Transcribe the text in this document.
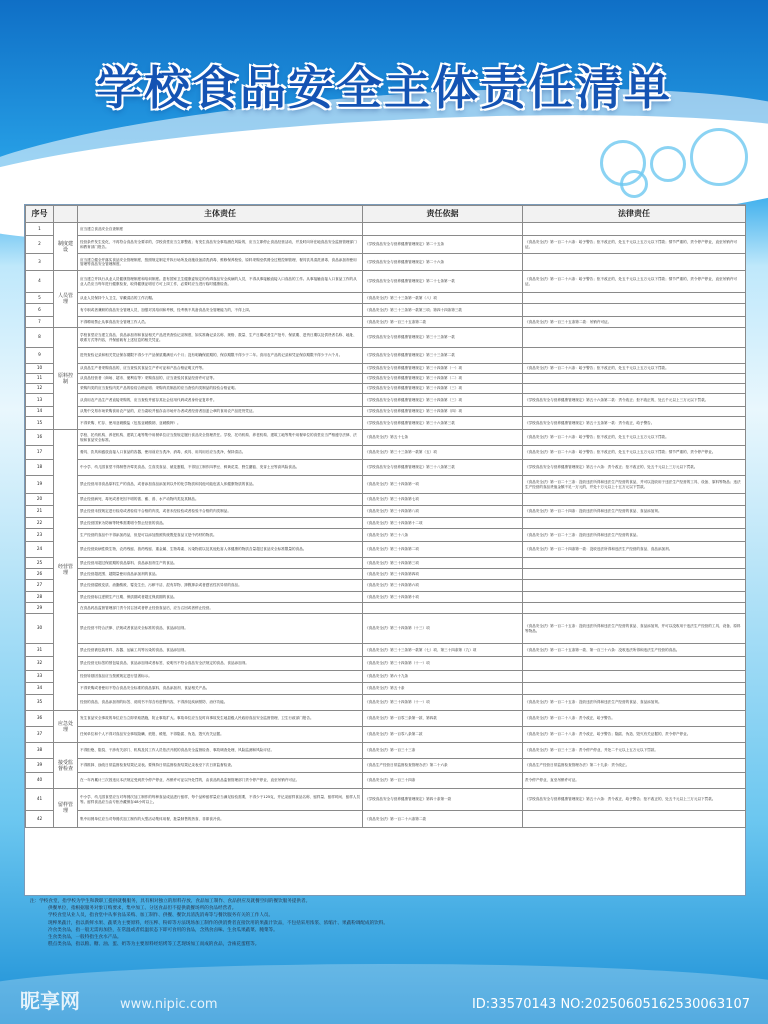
学校食品安全主体责任清单
序号		主体责任	责任依据	法律责任
1	制度建设	应当建立食品安全自查制度		
2		经营条件发生变化，不再符合食品安全要求的，学校食堂应当立即整改；有发生食品安全事故潜在风险的，应当立即停止食品经营活动，并及时向所在地食品安全监督管理部门和教育部门报告。	《学校食品安全与营养健康管理规定》第二十五条	《食品安全法》第一百二十六条：给予警告；拒不改正的，处五千元以上五万元以下罚款；情节严重的，责令停产停业，直至吊销许可证。
3		应当建立健全并落实食品安全管理制度，按照规定制定并执行场所及设施设备清洗消毒、维修保养校验、原料采购至供餐全过程控制管理、餐具饮具清洗消毒、食品添加剂使用管理等食品安全管理制度。	《学校食品安全与营养健康管理规定》第二十六条	
4	人员管理	应当建立并执行从业人员健康管理制度和培训制度。患有国家卫生健康委规定的有碍食品安全疾病的人员，不得从事接触直接入口食品的工作。从事接触直接入口食品工作的从业人员应当每年进行健康检查，取得健康证明后方可上岗工作，必要时应当进行临时健康检查。	《学校食品安全与营养健康管理规定》第二十七条第一款	《食品安全法》第一百二十六条：给予警告；拒不改正的，处五千元以上五万元以下罚款；情节严重的，责令停产停业，直至吊销许可证。
5		从业人员保持个人卫生，穿戴清洁的工作衣帽。	《食品安全法》第三十三条第一款第（八）项	
6		有专职或者兼职的食品安全管理人员，加强对其培训和考核，经考核不具备食品安全管理能力的，不得上岗。	《食品安全法》第三十三条第一款第三项；第四十四条第三款	
7		不得聘用禁止从事食品安全管理工作人员。	《食品安全法》第一百三十五条第二款	《食品安全法》第一百三十五条第二款：吊销许可证。
8	原料控制	学校食堂应当建立食品、食品添加剂和食品相关产品进货查验记录制度，如实准确记录名称、规格、数量、生产日期或者生产批号、保质期、进货日期以及供货者名称、地址、联系方式等内容，并保留载有上述信息的相关凭证。	《学校食品安全与营养健康管理规定》第三十三条第一款	
9		进货查验记录和相关凭证保存期限不得少于产品保质期满后六个月；没有明确保质期的，保存期限不得少于二年。食用农产品的记录和凭证保存期限不得少于六个月。	《学校食品安全与营养健康管理规定》第三十三条第二款	
10		从食品生产者采购食品的，应当查验其食品生产许可证和产品合格证明文件等。	《学校食品安全与营养健康管理规定》第三十四条第（一）项	《食品安全法》第一百二十六条：给予警告；拒不改正的，处五千元以上五万元以下罚款。
11		从食品经营者（商场、超市、便利店等）采购食品的，应当查验其食品经营许可证等。	《学校食品安全与营养健康管理规定》第三十四条第（二）项	
12		采购肉类的应当查验肉类产品的检疫合格证明；采购肉类制品的应当查验肉类制品的检验合格证明。	《学校食品安全与营养健康管理规定》第三十四条第（三）项	
13		从食用农产品生产者直接采购的，应当查验并留存其社会信用代码或者身份证复印件。	《学校食品安全与营养健康管理规定》第三十四条第（三）项	《学校食品安全与营养健康管理规定》第五十六条第二款：责令改正；拒不改正的，处五千元以上三万元以下罚款。
14		从集中交易市场采购食用农产品的，应当索取并留存由市场开办者或者经营者加盖公章的食用农产品进货凭证。	《学校食品安全与营养健康管理规定》第三十四条第（四）项	
15		不得采购、贮存、使用亚硝酸盐（包括亚硝酸钠、亚硝酸钾）。	《学校食品安全与营养健康管理规定》第三十六条第三款	《学校食品安全与营养健康管理规定》第五十五条第一款：责令改正，给予警告。
16	经营管理	学校、托幼机构、养老机构、建筑工地等集中用餐单位应当按规定履行食品安全管理责任。学校、托幼机构、养老机构、建筑工地等集中用餐单位的食堂应当严格遵守法律、法规和食品安全标准。	《食品安全法》第五十七条	《食品安全法》第一百二十六条：给予警告；拒不改正的，处五千元以上五万元以下罚款。
17		餐具、饮具和盛放直接入口食品的容器，使用前应当洗净、消毒，炊具、用具用后应当洗净，保持清洁。	《食品安全法》第三十三条第一款第（五）项	《食品安全法》第一百二十六条：给予警告；拒不改正的，处五千元以上五万元以下罚款；情节严重的，责令停产停业。
18		中小学、幼儿园食堂不得制售冷荤类食品、生食类食品、裱花蛋糕，不得加工制作四季豆、鲜黄花菜、野生蘑菇、发芽土豆等高风险食品。	《学校食品安全与营养健康管理规定》第三十八条第三款	《学校食品安全与营养健康管理规定》第五十六条：责令改正；拒不改正的，处五千元以上三万元以下罚款。
19		禁止经营用非食品原料生产的食品，或者添加食品添加剂以外的化学物质和其他可能危害人体健康物质的食品。	《食品安全法》第三十四条第一项	《食品安全法》第一百二十三条：没收违法所得和违法生产经营的食品，并可以没收用于违法生产经营的工具、设备、原料等物品；违法生产经营的食品货值金额不足一万元的，并处十万元以上十五万元以下罚款。
20		禁止经营病死、毒死或者死因不明的禽、畜、兽、水产动物肉类及其制品。	《食品安全法》第三十四条第七项	
21		禁止经营未按规定进行检疫或者检疫不合格的肉类，或者未经检验或者检验不合格的肉类制品。	《食品安全法》第三十四条第八项	《食品安全法》第一百二十四条：没收违法所得和违法生产经营的食品、食品添加剂。
22		禁止经营国家为防病等特殊需要明令禁止经营的食品。	《食品安全法》第三十四条第十二项	
23		生产经营的食品中不得添加药品，但是可以添加按照传统既是食品又是中药材的物质。	《食品安全法》第三十八条	《食品安全法》第一百二十三条：没收违法所得和违法生产经营的食品。
24		禁止经营致病性微生物，农药残留、兽药残留、重金属、生物毒素、污染物质以及其他危害人体健康的物质含量超过食品安全标准限量的食品。	《食品安全法》第三十四条第二项	《食品安全法》第一百二十四条第一款：没收违法所得和违法生产经营的食品、食品添加剂。
25		禁止经营用超过保质期的食品原料、食品添加剂生产的食品。	《食品安全法》第三十四条第三项	
26		禁止经营超范围、超限量使用食品添加剂的食品。	《食品安全法》第三十四条第四项	
27		禁止经营腐败变质、油脂酸败、霉变生虫、污秽不洁、混有异物、掺假掺杂或者感官性状异常的食品。	《食品安全法》第三十四条第六项	
28		禁止经营标注虚假生产日期、保质期或者超过保质期的食品。	《食品安全法》第三十四条第十项	
29		在食品药品监督管理部门责令其召回或者停止经营食品后，应当召回或者停止经营。		
30		禁止经营不符合法律、法规或者食品安全标准的食品、食品添加剂。	《食品安全法》第三十四条第（十三）项	《食品安全法》第一百二十五条：没收违法所得和违法生产经营的食品、食品添加剂，并可以没收用于违法生产经营的工具、设备、原料等物品。
31		禁止经营被包装材料、容器、运输工具等污染的食品、食品添加剂。	《食品安全法》第三十三条第一款第（七）项、第三十四条第（九）项	《食品安全法》第一百二十五条第一款、第一百三十六条：没收违法所得和违法生产经营的食品。
32		禁止经营无标签的预包装食品、食品添加剂或者标签、说明书不符合食品安全法规定的食品、食品添加剂。	《食品安全法》第三十四条第（十一）项	
33		经营转基因食品应当按照规定进行显著标示。	《食品安全法》第六十九条	
34		不得采购或者使用不符合食品安全标准的食品原料、食品添加剂、食品相关产品。	《食品安全法》第五十条	
35		经营的食品、食品添加剂的标签、说明书不得含有虚假内容，不得涉及疾病预防、治疗功能。	《食品安全法》第三十四条第（十一）项	《食品安全法》第一百二十五条：没收违法所得和违法生产经营的食品、食品添加剂。
36	应急处理	发生食品安全事故的单位应当立即采取措施，防止事故扩大。事故单位应当及时向事故发生地县级人民政府食品安全监督管理、卫生行政部门报告。	《食品安全法》第一百零三条第一款、第四款	《食品安全法》第一百二十八条：责令改正，给予警告。
37		任何单位和个人不得对食品安全事故隐瞒、谎报、缓报，不得隐匿、伪造、毁灭有关证据。	《食品安全法》第一百零八条第二款	《食品安全法》第一百二十八条：责令改正，给予警告；隐匿、伪造、毁灭有关证据的，责令停产停业。
38	接受监督检查	不得拒绝、阻挠、干涉有关部门、机构及其工作人员依法开展的食品安全监督检查、事故调查处理、风险监测和风险评估。	《食品安全法》第一百三十三条	《食品安全法》第一百三十三条：责令停产停业，并处二千元以上五万元以下罚款。
39		不得推卸、涂改日常监督检查结果记录表。要保持日常监督检查结果记录表至下次日常监督检查。	《食品生产经营日常监督检查管理办法》第二十六条	《食品生产经营日常监督检查管理办法》第二十九条：责令改正。
40		在一年内累计三次因违反本法规定受到责令停产停业、吊销许可证以外处罚的，由食品药品监督管理部门责令停产停业，直至吊销许可证。	《食品安全法》第一百三十四条	责令停产停业，直至吊销许可证。
41	留样管理	中小学、幼儿园食堂应当对每餐次加工制作的每种食品成品进行留样，每个品种留样量应当满足检验需要，不得少于125克，并记录留样食品名称、留样量、留样时间、留样人员等。留样食品应当由专柜冷藏保存48小时以上。	《学校食品安全与营养健康管理规定》第四十条第一款	《学校食品安全与营养健康管理规定》第五十六条：责令改正，给予警告；拒不改正的，处五千元以上三万元以下罚款。
42		集中用餐单位应当对每餐次加工制作的大型活动集体用餐，批量制售的热食、非即食冷食。	《食品安全法》第一百二十六条第二款	
注：学校食堂，指学校为学生和教职工提供就餐服务，具有相对独立的原料存放、食品加工制作、食品供应及就餐空间的餐饮服务提供者。
供餐单位，指根据服务对象订购要求，集中加工、分送食品但不提供就餐场所的食品经营者。
学校食堂从业人员，指食堂中从事食品采购、加工制作、供餐、餐饮具清洗消毒等与餐饮服务有关的工作人员。
现榨果蔬汁，指以新鲜水果、蔬菜为主要原料，经压榨、粉碎等方法现场加工制作的供消费者直接饮用的果蔬汁饮品，不包括采用浓浆、浓缩汁、果蔬粉调配成的饮料。
冷食类食品，指一般无需再加热，在常温或者低温状态下即可食用的食品，含熟食卤味、生食瓜果蔬菜、腌菜等。
生食类食品，一般特指生食水产品。
糕点类食品，指以粮、糖、油、蛋、奶等为主要原料经焙烤等工艺现场加工而成的食品，含裱花蛋糕等。
昵享网	www.nipic.com	ID:33570143 NO:20250605162530063107
